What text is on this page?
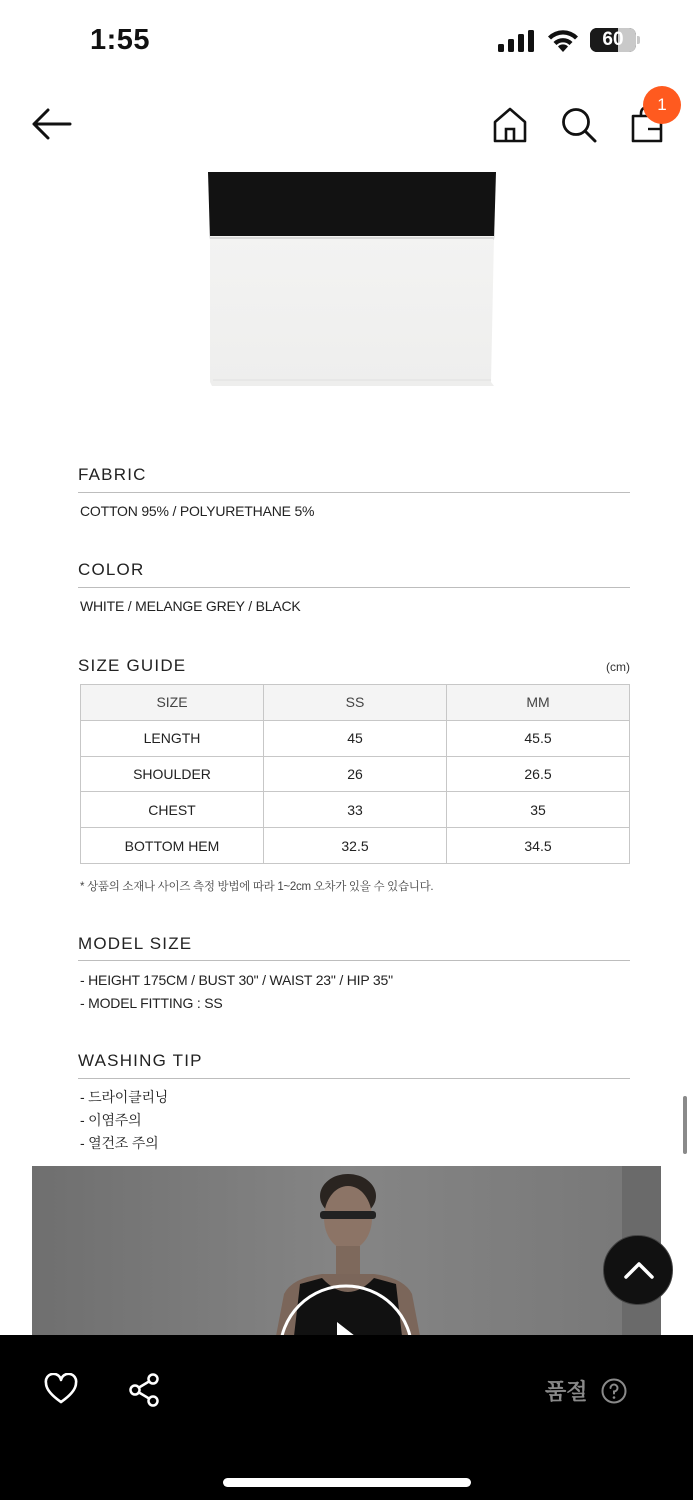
1:55	60
1
FABRIC
COTTON 95% / POLYURETHANE 5%
COLOR
WHITE / MELANGE GREY / BLACK
SIZE GUIDE	(cm)
SIZE	SS	MM
LENGTH	45	45.5
SHOULDER	26	26.5
CHEST	33	35
BOTTOM HEM	32.5	34.5
* 상품의 소재나 사이즈 측정 방법에 따라 1~2cm 오차가 있을 수 있습니다.
MODEL SIZE
- HEIGHT 175CM / BUST 30" / WAIST 23" / HIP 35"
- MODEL FITTING : SS
WASHING TIP
- 드라이클리닝
- 이염주의
- 열건조 주의
품절
